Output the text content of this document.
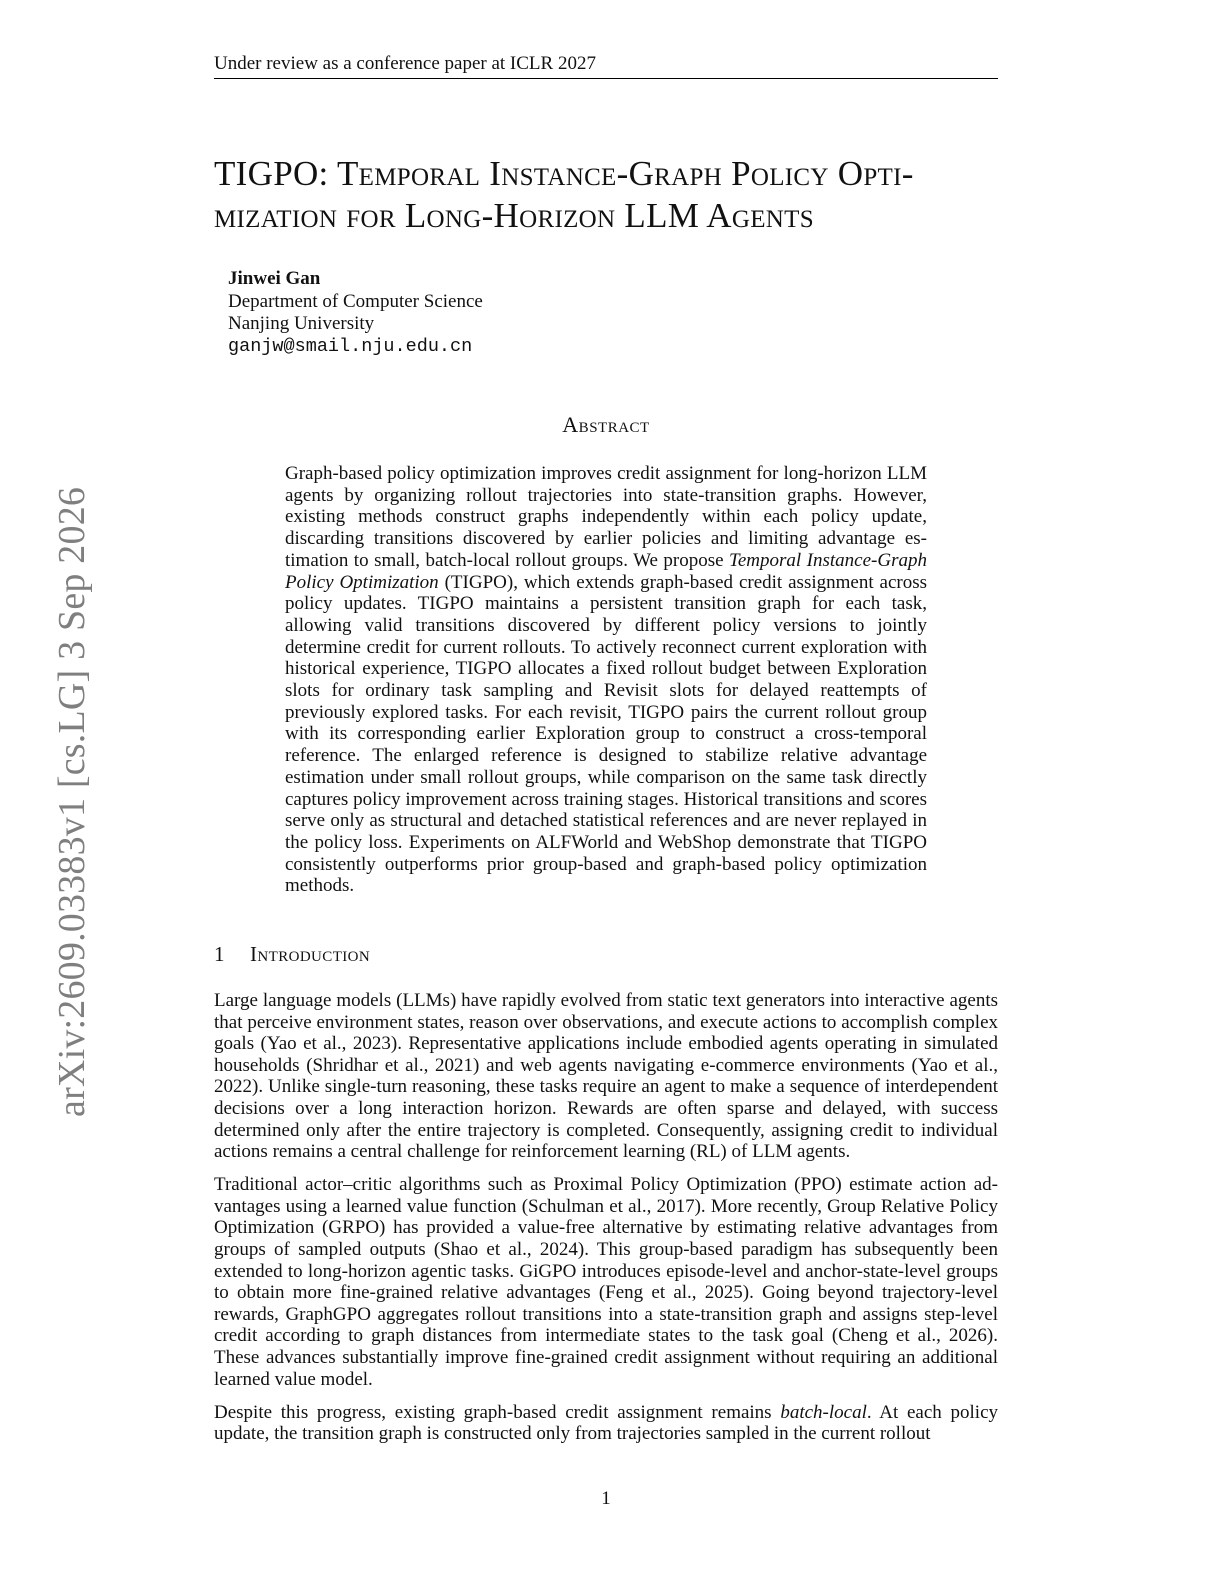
Under review as a conference paper at ICLR 2027
arXiv:2609.03383v1 [cs.LG] 3 Sep 2026
TIGPO: Temporal Instance-Graph Policy Opti-
mization for Long-Horizon LLM Agents
Jinwei Gan
Department of Computer Science
Nanjing University
ganjw@smail.nju.edu.cn
Abstract
Graph-based policy optimization improves credit assignment for long-horizon LLM agents by organizing rollout trajectories into state-transition graphs. However, existing methods construct graphs independently within each policy update, discarding transitions discovered by earlier policies and limiting advantage estimation to small, batch-local rollout groups. We propose Temporal Instance-Graph Policy Optimization (TIGPO), which extends graph-based credit assignment across policy updates. TIGPO maintains a persistent transition graph for each task, allowing valid transitions discovered by different policy versions to jointly determine credit for current rollouts. To actively reconnect current exploration with historical experience, TIGPO allocates a fixed rollout budget between Exploration slots for ordinary task sampling and Revisit slots for delayed reattempts of previously explored tasks. For each revisit, TIGPO pairs the current rollout group with its corresponding earlier Exploration group to construct a cross-temporal reference. The enlarged reference is designed to stabilize relative advantage estimation under small rollout groups, while comparison on the same task directly captures policy improvement across training stages. Historical transitions and scores serve only as structural and detached statistical references and are never replayed in the policy loss. Experiments on ALFWorld and WebShop demonstrate that TIGPO consistently outperforms prior group-based and graph-based policy optimization methods.
1 Introduction

Large language models (LLMs) have rapidly evolved from static text generators into interactive agents that perceive environment states, reason over observations, and execute actions to accomplish complex goals (Yao et al., 2023). Representative applications include embodied agents operating in simulated households (Shridhar et al., 2021) and web agents navigating e-commerce environments (Yao et al., 2022). Unlike single-turn reasoning, these tasks require an agent to make a sequence of interdependent decisions over a long interaction horizon. Rewards are often sparse and delayed, with success determined only after the entire trajectory is completed. Consequently, assigning credit to individual actions remains a central challenge for reinforcement learning (RL) of LLM agents.

Traditional actor–critic algorithms such as Proximal Policy Optimization (PPO) estimate action advantages using a learned value function (Schulman et al., 2017). More recently, Group Relative Policy Optimization (GRPO) has provided a value-free alternative by estimating relative advantages from groups of sampled outputs (Shao et al., 2024). This group-based paradigm has subsequently been extended to long-horizon agentic tasks. GiGPO introduces episode-level and anchor-state-level groups to obtain more fine-grained relative advantages (Feng et al., 2025). Going beyond trajectory-level rewards, GraphGPO aggregates rollout transitions into a state-transition graph and assigns step-level credit according to graph distances from intermediate states to the task goal (Cheng et al., 2026). These advances substantially improve fine-grained credit assignment without requiring an additional learned value model.

Despite this progress, existing graph-based credit assignment remains batch-local. At each policy update, the transition graph is constructed only from trajectories sampled in the current rollout

1
